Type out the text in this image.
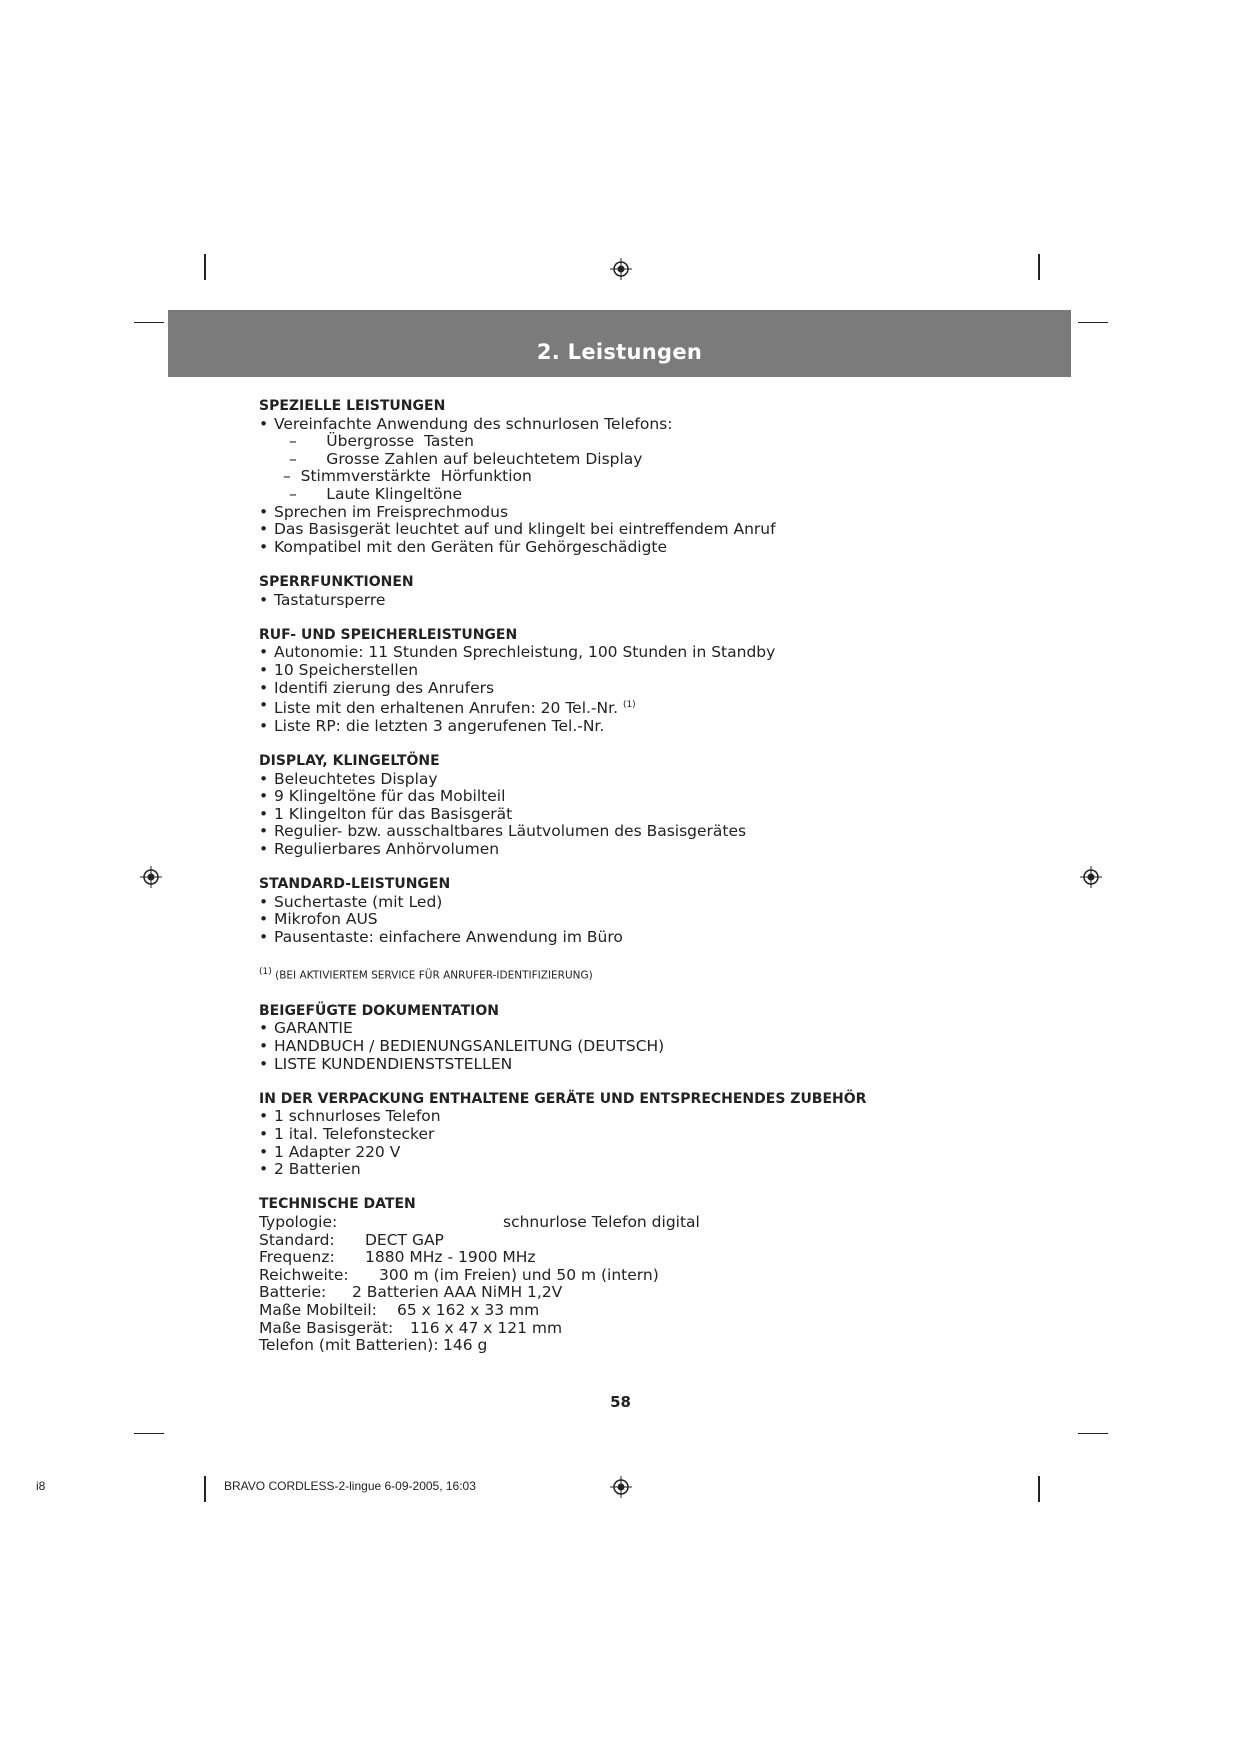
2. Leistungen
SPEZIELLE LEISTUNGEN
• Vereinfachte Anwendung des schnurlosen Telefons:
–      Übergrosse  Tasten
–      Grosse Zahlen auf beleuchtetem Display
–  Stimmverstärkte  Hörfunktion
–      Laute Klingeltöne
• Sprechen im Freisprechmodus
• Das Basisgerät leuchtet auf und klingelt bei eintreffendem Anruf
• Kompatibel mit den Geräten für Gehörgeschädigte
SPERRFUNKTIONEN
• Tastatursperre
RUF- UND SPEICHERLEISTUNGEN
• Autonomie: 11 Stunden Sprechleistung, 100 Stunden in Standby
• 10 Speicherstellen
• Identifi zierung des Anrufers
• Liste mit den erhaltenen Anrufen: 20 Tel.-Nr. $^{(1)}$
• Liste RP: die letzten 3 angerufenen Tel.-Nr.
DISPLAY, KLINGELTÖNE
• Beleuchtetes Display
• 9 Klingeltöne für das Mobilteil
• 1 Klingelton für das Basisgerät
• Regulier- bzw. ausschaltbares Läutvolumen des Basisgerätes
• Regulierbares Anhörvolumen
STANDARD-LEISTUNGEN
• Suchertaste (mit Led)
• Mikrofon AUS
• Pausentaste: einfachere Anwendung im Büro
$^{(1)}$ (BEI AKTIVIERTEM SERVICE FÜR ANRUFER-IDENTIFIZIERUNG)
BEIGEFÜGTE DOKUMENTATION
• GARANTIE
• HANDBUCH / BEDIENUNGSANLEITUNG (DEUTSCH)
• LISTE KUNDENDIENSTSTELLEN
IN DER VERPACKUNG ENTHALTENE GERÄTE UND ENTSPRECHENDES ZUBEHÖR
• 1 schnurloses Telefon
• 1 ital. Telefonstecker
• 1 Adapter 220 V
• 2 Batterien
TECHNISCHE DATEN
Typologie:	schnurlose Telefon digital
Standard: DECT GAP
Frequenz: 1880 MHz - 1900 MHz
Reichweite: 300 m (im Freien) und 50 m (intern)
Batterie: 2 Batterien AAA NiMH 1,2V
Maße Mobilteil: 65 x 162 x 33 mm
Maße Basisgerät: 116 x 47 x 121 mm
Telefon (mit Batterien): 146 g
58
i8	BRAVO CORDLESS-2-lingue 6-09-2005, 16:03
